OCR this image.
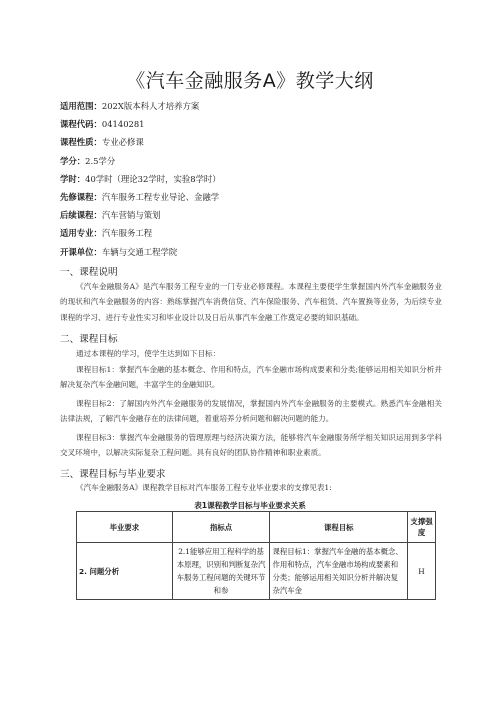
《汽车金融服务A》教学大纲
适用范围：202X版本科人才培养方案
课程代码：04140281
课程性质：专业必修课
学分：2.5学分
学时：40学时（理论32学时，实验8学时）
先修课程：汽车服务工程专业导论、金融学
后续课程：汽车营销与策划
适用专业：汽车服务工程
开课单位：车辆与交通工程学院
一、课程说明

《汽车金融服务A》是汽车服务工程专业的一门专业必修课程。本课程主要使学生掌握国内外汽车金融服务业的现状和汽车金融服务的内容：熟练掌握汽车消费信贷、汽车保险服务、汽车租赁、汽车置换等业务，为后续专业课程的学习、进行专业性实习和毕业设计以及日后从事汽车金融工作奠定必要的知识基础。

二、课程目标

通过本课程的学习，使学生达到如下目标：

课程目标1：掌握汽车金融的基本概念、作用和特点，汽车金融市场构成要素和分类;能够运用相关知识分析并解决复杂汽车金融问题，丰富学生的金融知识。

课程目标2：了解国内外汽车金融服务的发展情况，掌握国内外汽车金融服务的主要模式。熟悉汽车金融相关法律法规，了解汽车金融存在的法律问题，着重培养分析问题和解决问题的能力。

课程目标3：掌握汽车金融服务的管理原理与经济决策方法，能够将汽车金融服务所学相关知识运用到多学科交叉环境中，以解决实际复杂工程问题。具有良好的团队协作精神和职业素质。

三、课程目标与毕业要求

《汽车金融服务A》课程教学目标对汽车服务工程专业毕业要求的支撑见表1:

表1课程教学目标与毕业要求关系
毕业要求	指标点	课程目标	支撑强度
2. 问题分析	2.1能够应用工程科学的基本原理，识别和判断复杂汽车服务工程问题的关键环节和参	课程目标1：掌握汽车金融的基本概念、作用和特点，汽车金融市场构成要素和分类；能够运用相关知识分析并解决复杂汽车金	H
